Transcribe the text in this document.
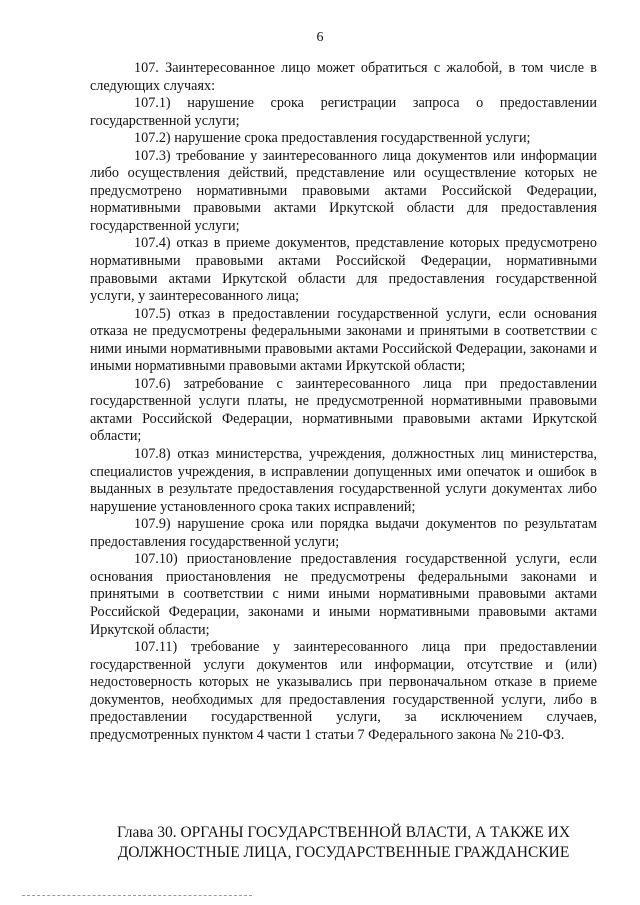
6

107. Заинтересованное лицо может обратиться с жалобой, в том числе в следующих случаях:

107.1) нарушение срока регистрации запроса о предоставлении государственной услуги;

107.2) нарушение срока предоставления государственной услуги;

107.3) требование у заинтересованного лица документов или информации либо осуществления действий, представление или осуществление которых не предусмотрено нормативными правовыми актами Российской Федерации, нормативными правовыми актами Иркутской области для предоставления государственной услуги;

107.4) отказ в приеме документов, представление которых предусмотрено нормативными правовыми актами Российской Федерации, нормативными правовыми актами Иркутской области для предоставления государственной услуги, у заинтересованного лица;

107.5) отказ в предоставлении государственной услуги, если основания отказа не предусмотрены федеральными законами и принятыми в соответствии с ними иными нормативными правовыми актами Российской Федерации, законами и иными нормативными правовыми актами Иркутской области;

107.6) затребование с заинтересованного лица при предоставлении государственной услуги платы, не предусмотренной нормативными правовыми актами Российской Федерации, нормативными правовыми актами Иркутской области;

107.8) отказ министерства, учреждения, должностных лиц министерства, специалистов учреждения, в исправлении допущенных ими опечаток и ошибок в выданных в результате предоставления государственной услуги документах либо нарушение установленного срока таких исправлений;

107.9) нарушение срока или порядка выдачи документов по результатам предоставления государственной услуги;

107.10) приостановление предоставления государственной услуги, если основания приостановления не предусмотрены федеральными законами и принятыми в соответствии с ними иными нормативными правовыми актами Российской Федерации, законами и иными нормативными правовыми актами Иркутской области;

107.11) требование у заинтересованного лица при предоставлении государственной услуги документов или информации, отсутствие и (или) недостоверность которых не указывались при первоначальном отказе в приеме документов, необходимых для предоставления государственной услуги, либо в предоставлении государственной услуги, за исключением случаев, предусмотренных пунктом 4 части 1 статьи 7 Федерального закона № 210-ФЗ.

Глава 30. ОРГАНЫ ГОСУДАРСТВЕННОЙ ВЛАСТИ, А ТАКЖЕ ИХ
ДОЛЖНОСТНЫЕ ЛИЦА, ГОСУДАРСТВЕННЫЕ ГРАЖДАНСКИЕ
